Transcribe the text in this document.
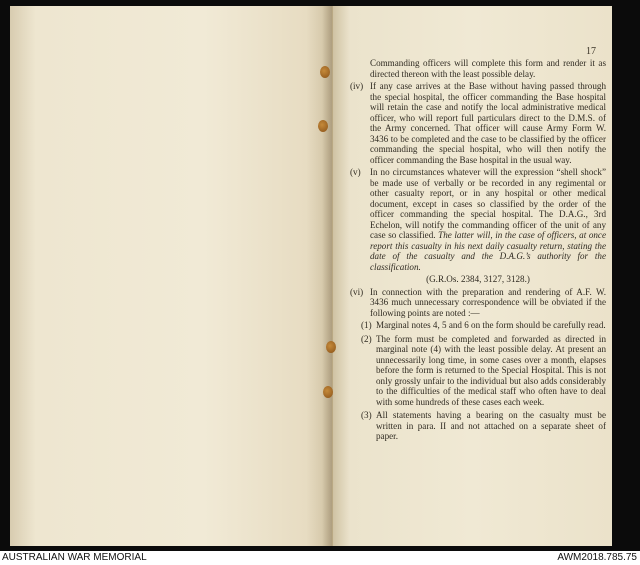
17

Commanding officers will complete this form and render it as directed thereon with the least possible delay.

(iv) If any case arrives at the Base without having passed through the special hospital, the officer commanding the Base hospital will retain the case and notify the local administrative medical officer, who will report full particulars direct to the D.M.S. of the Army concerned. That officer will cause Army Form W. 3436 to be completed and the case to be classified by the officer commanding the special hospital, who will then notify the officer commanding the Base hospital in the usual way.
(v) In no circumstances whatever will the expression “shell shock” be made use of verbally or be recorded in any regimental or other casualty report, or in any hospital or other medical document, except in cases so classified by the order of the officer commanding the special hospital. The D.A.G., 3rd Echelon, will notify the commanding officer of the unit of any case so classified. The latter will, in the case of officers, at once report this casualty in his next daily casualty return, stating the date of the casualty and the D.A.G.’s authority for the classification.

(G.R.Os. 2384, 3127, 3128.)

(vi) In connection with the preparation and rendering of A.F. W. 3436 much unnecessary correspondence will be obviated if the following points are noted :—
(1) Marginal notes 4, 5 and 6 on the form should be carefully read.
(2) The form must be completed and forwarded as directed in marginal note (4) with the least possible delay. At present an unnecessarily long time, in some cases over a month, elapses before the form is returned to the Special Hospital. This is not only grossly unfair to the individual but also adds considerably to the difficulties of the medical staff who often have to deal with some hundreds of these cases each week.
(3) All statements having a bearing on the casualty must be written in para. II and not attached on a separate sheet of paper.
AUSTRALIAN WAR MEMORIAL	AWM2018.785.75
